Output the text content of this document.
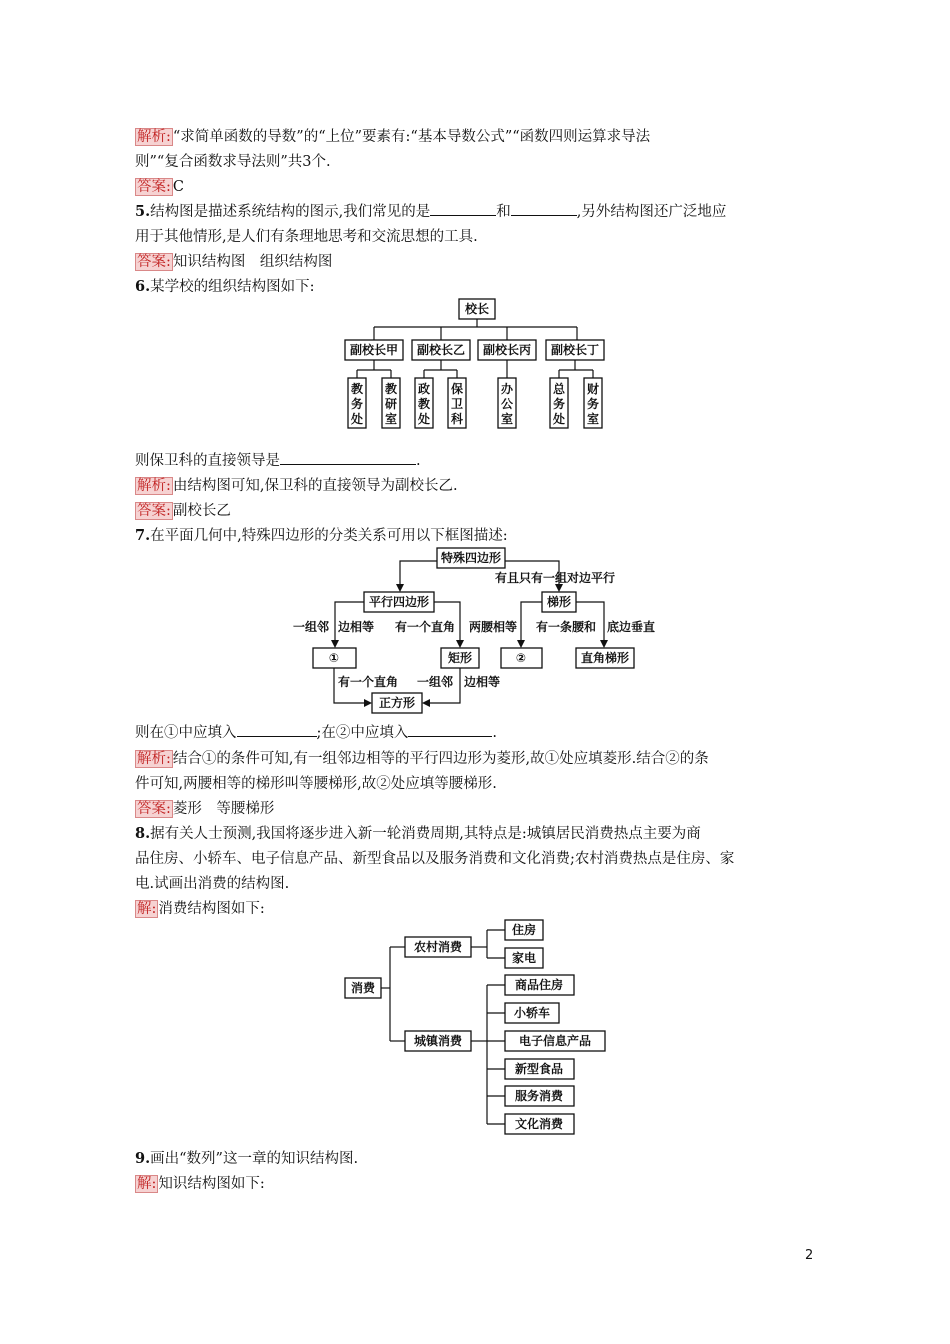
解析: “求简单函数的导数”的“上位”要素有:“基本导数公式”“函数四则运算求导法
则”“复合函数求导法则”共3个.
答案: C
5.结构图是描述系统结构的图示,我们常见的是	和	,另外结构图还广泛地应
用于其他情形,是人们有条理地思考和交流思想的工具.
答案: 知识结构图　组织结构图
6.某学校的组织结构图如下:
校长
副校长甲 副校长乙 副校长丙 副校长丁
教
务
处
教
研
室
政
教
处
保
卫
科
办
公
室
总
务
处
财
务
室
特殊四边形
有且只有一组对边平行
平行四边形	梯形
一组邻 边相等 有一个直角 两腰相等 有一条腰和 底边垂直
①	矩形	②	直角梯形
有一个直角 一组邻 边相等
正方形
消费
农村消费
城镇消费
住房
家电
商品住房
小轿车
电子信息产品
新型食品
服务消费
文化消费
则保卫科的直接领导是	.
解析: 由结构图可知,保卫科的直接领导为副校长乙.
答案: 副校长乙
7.在平面几何中,特殊四边形的分类关系可用以下框图描述:
则在①中应填入	;在②中应填入	.
解析: 结合①的条件可知,有一组邻边相等的平行四边形为菱形,故①处应填菱形.结合②的条
件可知,两腰相等的梯形叫等腰梯形,故②处应填等腰梯形.
答案: 菱形　等腰梯形
8.据有关人士预测,我国将逐步进入新一轮消费周期,其特点是:城镇居民消费热点主要为商
品住房、小轿车、电子信息产品、新型食品以及服务消费和文化消费;农村消费热点是住房、家
电.试画出消费的结构图.
解: 消费结构图如下:
9.画出“数列”这一章的知识结构图.
解: 知识结构图如下:
2
